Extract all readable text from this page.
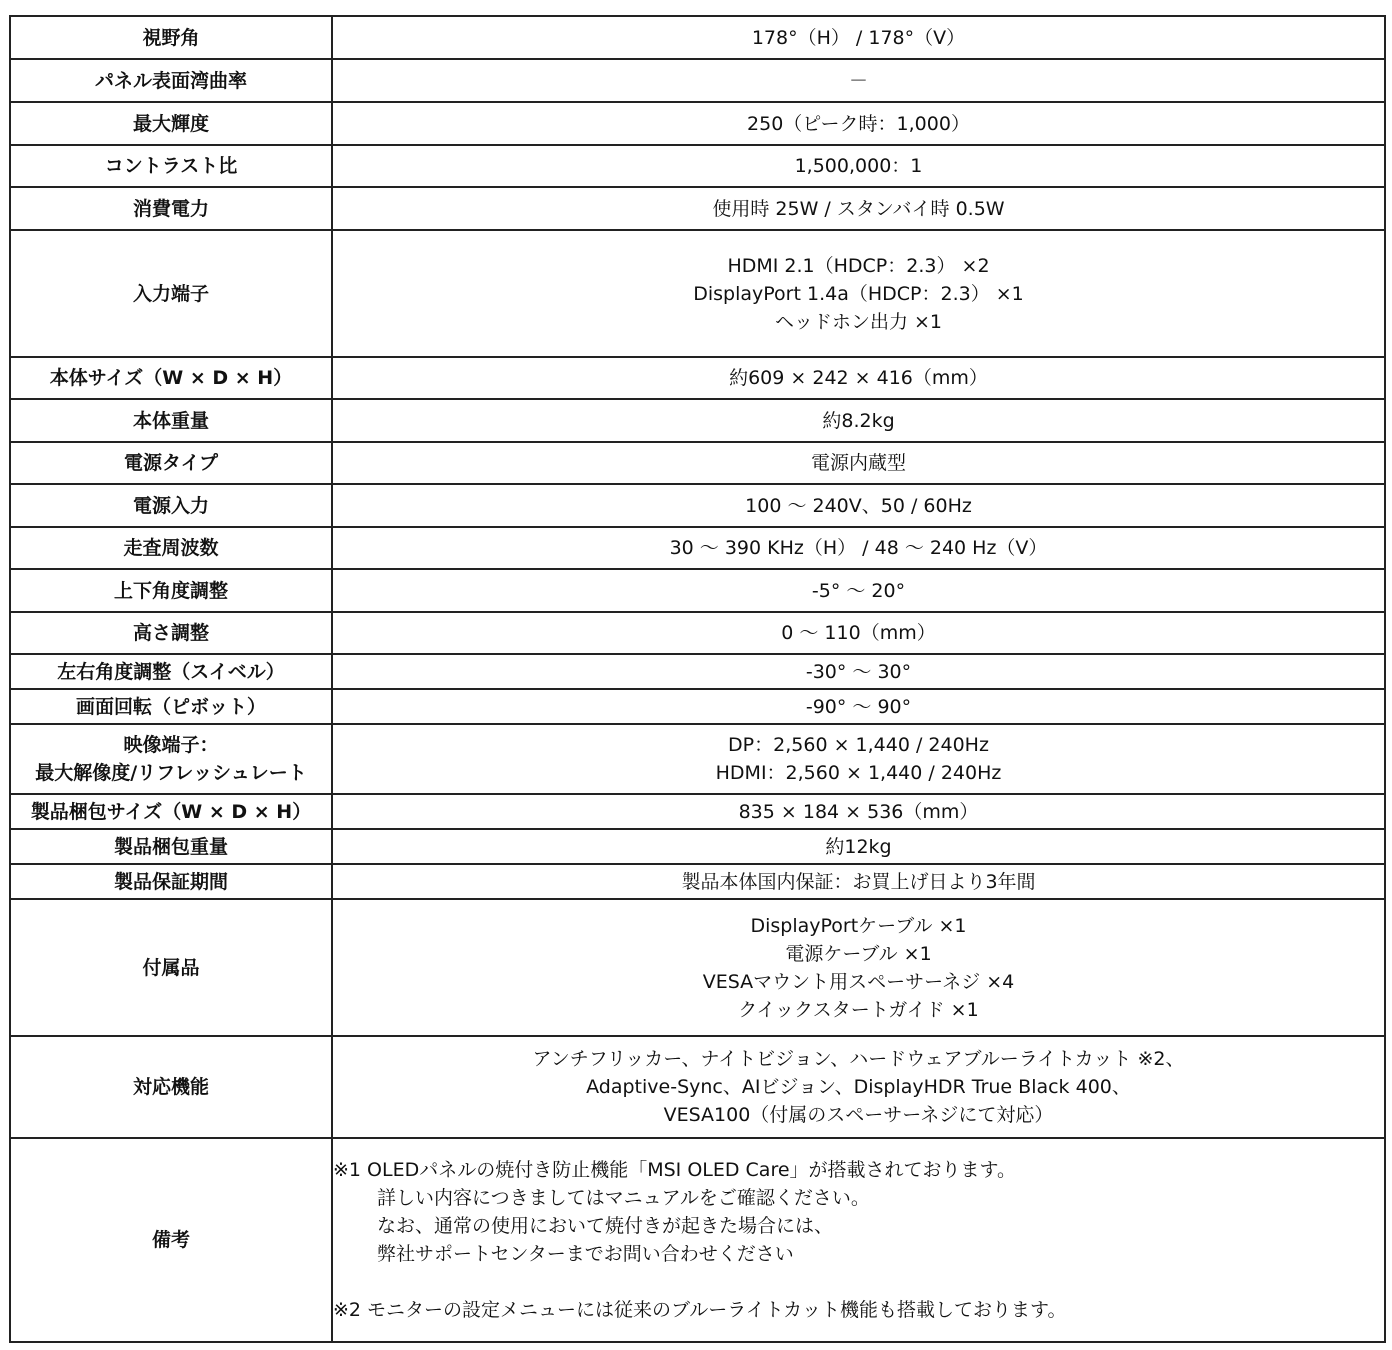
視野角	178°（H） / 178°（V）

パネル表面湾曲率	－

最大輝度	250（ピーク時：1,000）

コントラスト比	1,500,000：1

消費電力	使用時 25W / スタンバイ時 0.5W

入力端子	HDMI 2.1（HDCP：2.3） ×2
DisplayPort 1.4a（HDCP：2.3） ×1
ヘッドホン出力 ×1

本体サイズ（W × D × H）	約609 × 242 × 416（mm）

本体重量	約8.2kg

電源タイプ	電源内蔵型

電源入力	100 ～ 240V、50 / 60Hz

走査周波数	30 ～ 390 KHz（H） / 48 ～ 240 Hz（V）

上下角度調整	-5° ～ 20°

高さ調整	0 ～ 110（mm）

左右角度調整（スイベル）	-30° ～ 30°

画面回転（ピボット）	-90° ～ 90°

映像端子：
最大解像度/リフレッシュレート	DP：2,560 × 1,440 / 240Hz
HDMI：2,560 × 1,440 / 240Hz

製品梱包サイズ（W × D × H）	835 × 184 × 536（mm）

製品梱包重量	約12kg

製品保証期間	製品本体国内保証：お買上げ日より3年間

付属品	DisplayPortケーブル ×1
電源ケーブル ×1
VESAマウント用スペーサーネジ ×4
クイックスタートガイド ×1

対応機能	アンチフリッカー、ナイトビジョン、ハードウェアブルーライトカット ※2、
Adaptive-Sync、AIビジョン、DisplayHDR True Black 400、
VESA100（付属のスペーサーネジにて対応）

備考	※1 OLEDパネルの焼付き防止機能「MSI OLED Care」が搭載されております。
　　 詳しい内容につきましてはマニュアルをご確認ください。
　　 なお、通常の使用において焼付きが起きた場合には、
　　 弊社サポートセンターまでお問い合わせください
※2 モニターの設定メニューには従来のブルーライトカット機能も搭載しております。
